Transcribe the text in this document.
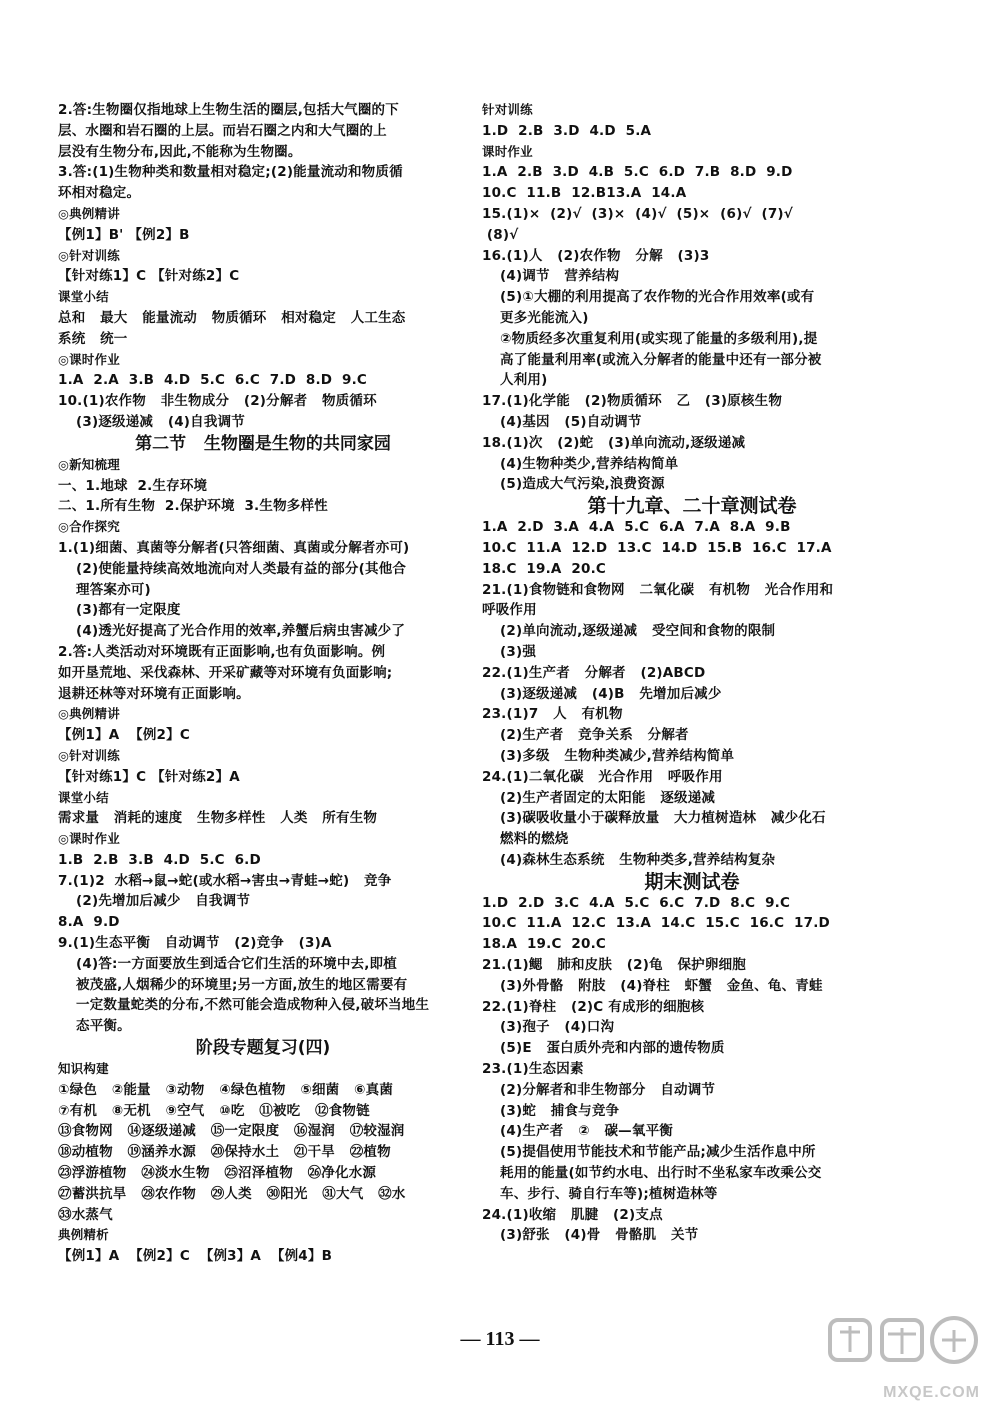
2.答:生物圈仅指地球上生物生活的圈层,包括大气圈的下
层、水圈和岩石圈的上层。而岩石圈之内和大气圈的上
层没有生物分布,因此,不能称为生物圈。
3.答:(1)生物种类和数量相对稳定;(2)能量流动和物质循
环相对稳定。
◎典例精讲
【例1】B' 【例2】B
◎针对训练
【针对练1】C 【针对练2】C
课堂小结
总和   最大   能量流动   物质循环   相对稳定   人工生态
系统   统一
◎课时作业
1.A  2.A  3.B  4.D  5.C  6.C  7.D  8.D  9.C
10.(1)农作物   非生物成分   (2)分解者   物质循环
(3)逐级递减   (4)自我调节
第二节   生物圈是生物的共同家园
◎新知梳理
一、1.地球  2.生存环境
二、1.所有生物  2.保护环境  3.生物多样性
◎合作探究
1.(1)细菌、真菌等分解者(只答细菌、真菌或分解者亦可)
(2)使能量持续高效地流向对人类最有益的部分(其他合
理答案亦可)
(3)都有一定限度
(4)透光好提高了光合作用的效率,养蟹后病虫害减少了
2.答:人类活动对环境既有正面影响,也有负面影响。例
如开垦荒地、采伐森林、开采矿藏等对环境有负面影响;
退耕还林等对环境有正面影响。
◎典例精讲
【例1】A  【例2】C
◎针对训练
【针对练1】C 【针对练2】A
课堂小结
需求量   消耗的速度   生物多样性   人类   所有生物
◎课时作业
1.B  2.B  3.B  4.D  5.C  6.D
7.(1)2  水稻→鼠→蛇(或水稻→害虫→青蛙→蛇)   竞争
(2)先增加后减少   自我调节
8.A  9.D
9.(1)生态平衡   自动调节   (2)竞争   (3)A
(4)答:一方面要放生到适合它们生活的环境中去,即植
被茂盛,人烟稀少的环境里;另一方面,放生的地区需要有
一定数量蛇类的分布,不然可能会造成物种入侵,破坏当地生
态平衡。
阶段专题复习(四)
知识构建
①绿色   ②能量   ③动物   ④绿色植物   ⑤细菌   ⑥真菌
⑦有机   ⑧无机   ⑨空气   ⑩吃   ⑪被吃   ⑫食物链
⑬食物网   ⑭逐级递减   ⑮一定限度   ⑯湿润   ⑰较湿润
⑱动植物   ⑲涵养水源   ⑳保持水土   ㉑干旱   ㉒植物
㉓浮游植物   ㉔淡水生物   ㉕沼泽植物   ㉖净化水源
㉗蓄洪抗旱   ㉘农作物   ㉙人类   ㉚阳光   ㉛大气   ㉜水
㉝水蒸气
典例精析
【例1】A  【例2】C  【例3】A  【例4】B
针对训练
1.D  2.B  3.D  4.D  5.A
课时作业
1.A  2.B  3.D  4.B  5.C  6.D  7.B  8.D  9.D
10.C  11.B  12.B13.A  14.A
15.(1)×  (2)√  (3)×  (4)√  (5)×  (6)√  (7)√
(8)√
16.(1)人   (2)农作物   分解   (3)3
(4)调节   营养结构
(5)①大棚的利用提高了农作物的光合作用效率(或有
更多光能流入)
②物质经多次重复利用(或实现了能量的多级利用),提
高了能量利用率(或流入分解者的能量中还有一部分被
人利用)
17.(1)化学能   (2)物质循环   乙   (3)原核生物
(4)基因   (5)自动调节
18.(1)次   (2)蛇   (3)单向流动,逐级递减
(4)生物种类少,营养结构简单
(5)造成大气污染,浪费资源
第十九章、二十章测试卷
1.A  2.D  3.A  4.A  5.C  6.A  7.A  8.A  9.B
10.C  11.A  12.D  13.C  14.D  15.B  16.C  17.A
18.C  19.A  20.C
21.(1)食物链和食物网   二氧化碳   有机物   光合作用和
呼吸作用
(2)单向流动,逐级递减   受空间和食物的限制
(3)强
22.(1)生产者   分解者   (2)ABCD
(3)逐级递减   (4)B   先增加后减少
23.(1)7   人   有机物
(2)生产者   竞争关系   分解者
(3)多级   生物种类减少,营养结构简单
24.(1)二氧化碳   光合作用   呼吸作用
(2)生产者固定的太阳能   逐级递减
(3)碳吸收量小于碳释放量   大力植树造林   减少化石
燃料的燃烧
(4)森林生态系统   生物种类多,营养结构复杂
期末测试卷
1.D  2.D  3.C  4.A  5.C  6.C  7.D  8.C  9.C
10.C  11.A  12.C  13.A  14.C  15.C  16.C  17.D
18.A  19.C  20.C
21.(1)鳃   肺和皮肤   (2)龟   保护卵细胞
(3)外骨骼   附肢   (4)脊柱   虾蟹   金鱼、龟、青蛙
22.(1)脊柱   (2)C 有成形的细胞核
(3)孢子   (4)口沟
(5)E   蛋白质外壳和内部的遗传物质
23.(1)生态因素
(2)分解者和非生物部分   自动调节
(3)蛇   捕食与竞争
(4)生产者   ②   碳—氧平衡
(5)提倡使用节能技术和节能产品;减少生活作息中所
耗用的能量(如节约水电、出行时不坐私家车改乘公交
车、步行、骑自行车等);植树造林等
24.(1)收缩   肌腱   (2)支点
(3)舒张   (4)骨   骨骼肌   关节
— 113 —
MXQE.COM
